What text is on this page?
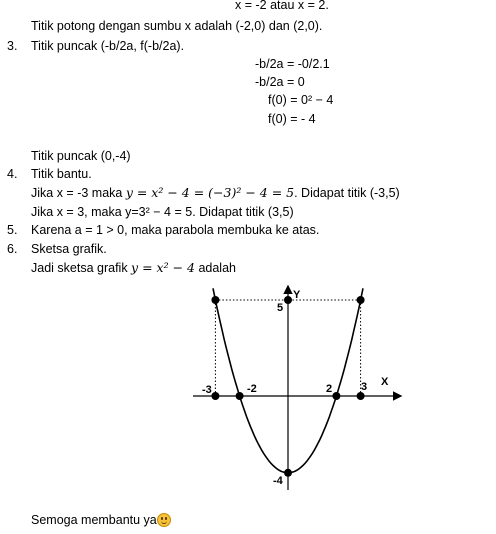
x = -2 atau x = 2.
Titik potong dengan sumbu x adalah (-2,0) dan (2,0).
3.	Titik puncak (-b/2a, f(-b/2a).
-b/2a = -0/2.1
-b/2a = 0
f(0) = 0² − 4
f(0) = - 4
Titik puncak (0,-4)
4.	Titik bantu.
Jika x = -3 maka y = x² − 4 = (−3)² − 4 = 5. Didapat titik (-3,5)
Jika x = 3, maka y=3² − 4 = 5. Didapat titik (3,5)
5.	Karena a = 1 > 0, maka parabola membuka ke atas.
6.	Sketsa grafik.
Jadi sketsa grafik y = x² − 4 adalah
X
Y
-3	-2	2	3
5
-4
Semoga membantu ya
